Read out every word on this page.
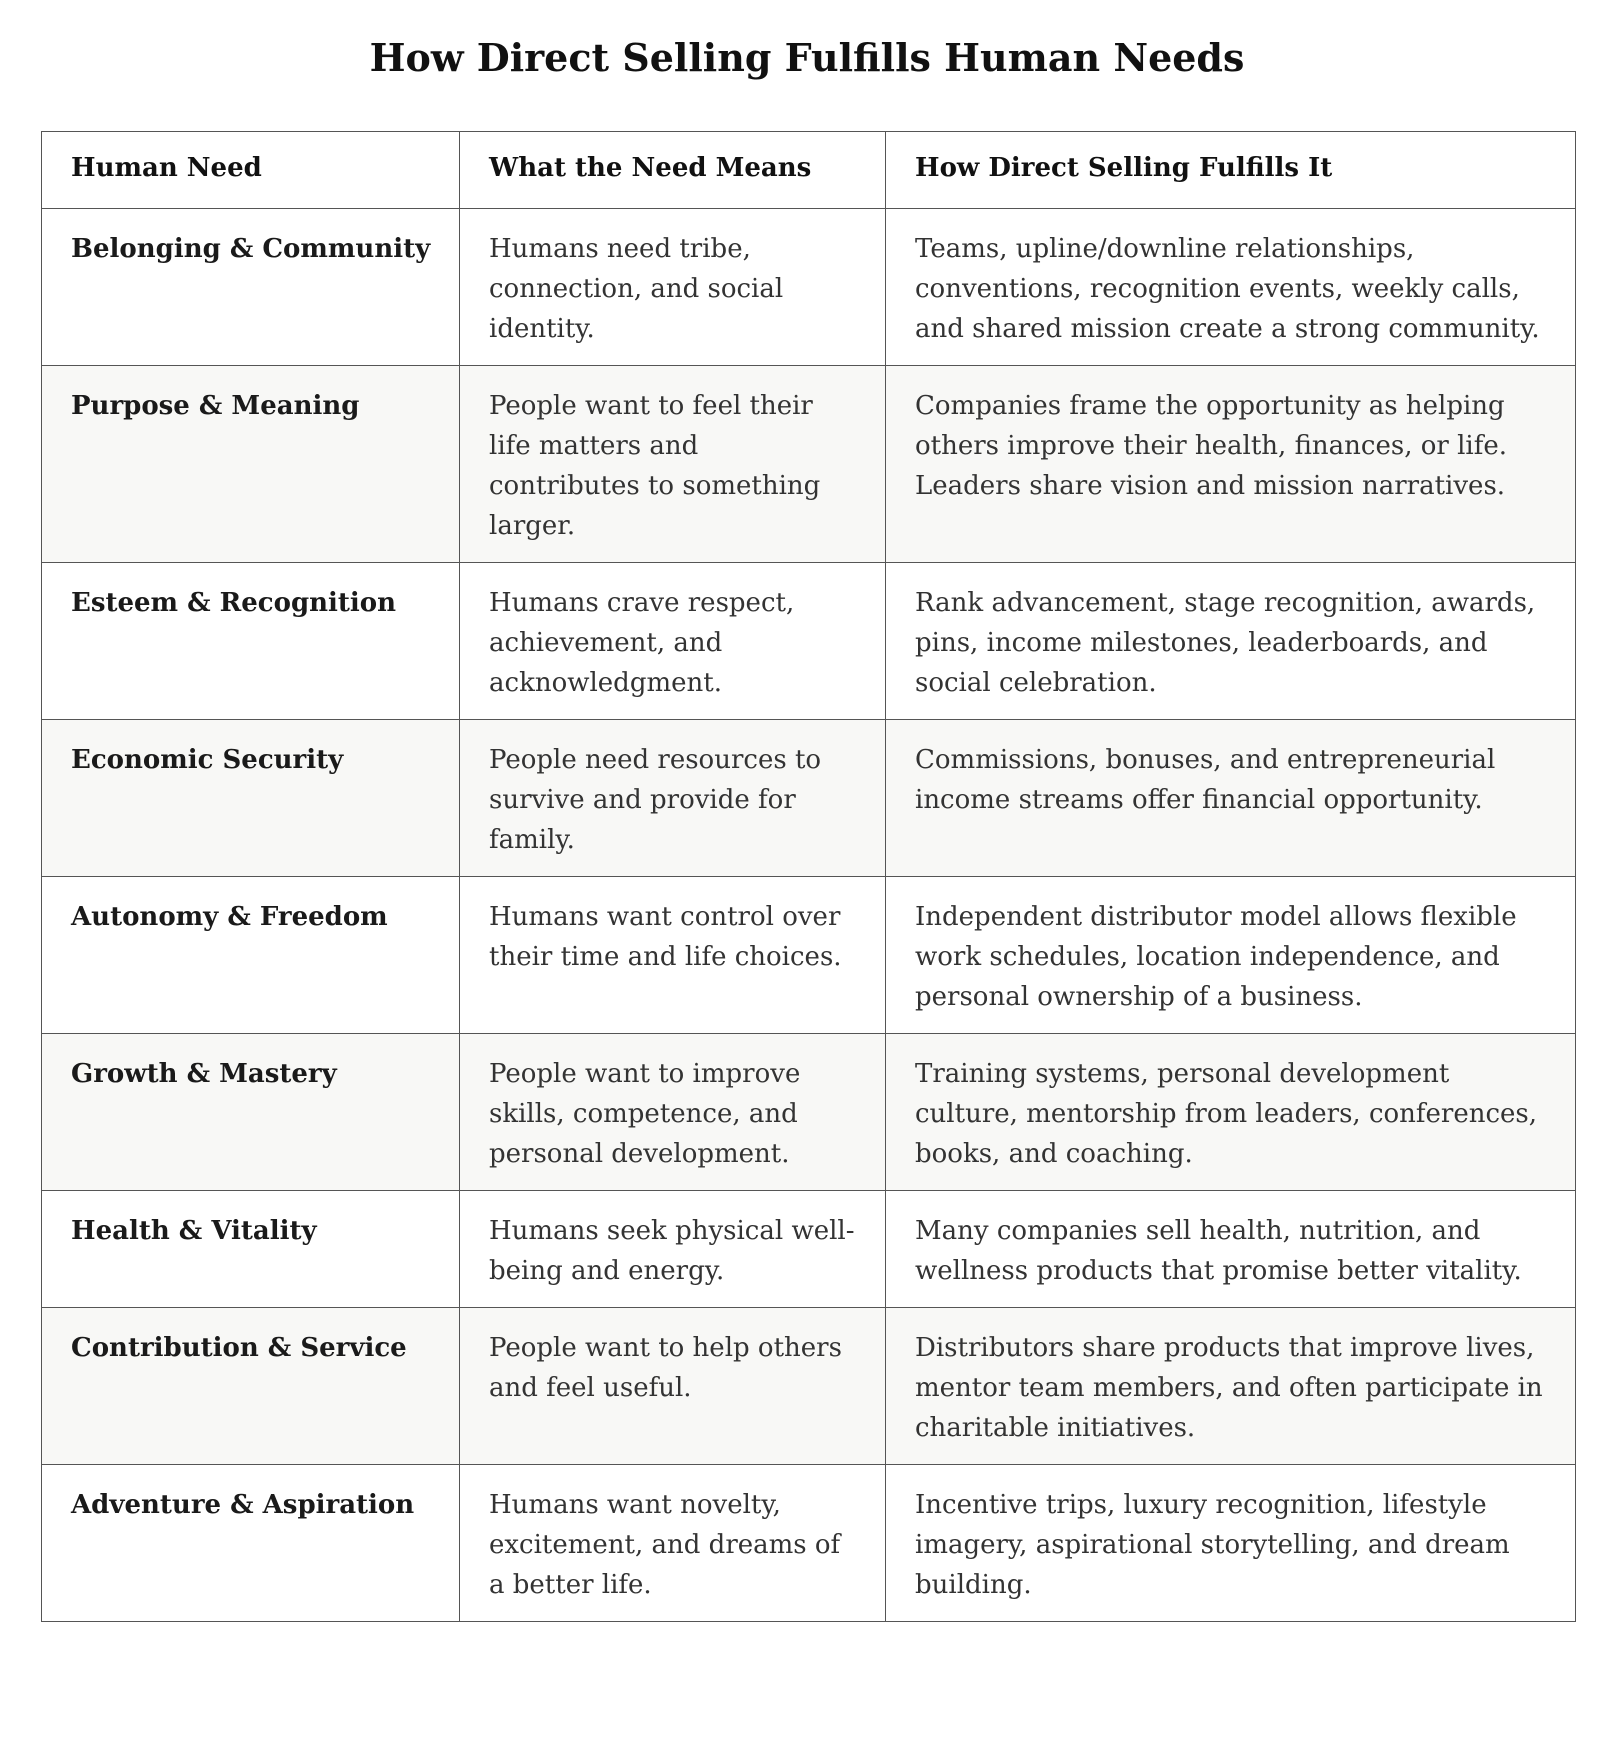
How Direct Selling Fulfills Human Needs
Human Need	What the Need Means	How Direct Selling Fulfills It
Belonging & Community	Humans need tribe, connection, and social identity.	Teams, upline/downline relationships, conventions, recognition events, weekly calls, and shared mission create a strong community.
Purpose & Meaning	People want to feel their life matters and contributes to something larger.	Companies frame the opportunity as helping others improve their health, finances, or life. Leaders share vision and mission narratives.
Esteem & Recognition	Humans crave respect, achievement, and acknowledgment.	Rank advancement, stage recognition, awards, pins, income milestones, leaderboards, and social celebration.
Economic Security	People need resources to survive and provide for family.	Commissions, bonuses, and entrepreneurial income streams offer financial opportunity.
Autonomy & Freedom	Humans want control over their time and life choices.	Independent distributor model allows flexible work schedules, location independence, and personal ownership of a business.
Growth & Mastery	People want to improve skills, competence, and personal development.	Training systems, personal development culture, mentorship from leaders, conferences, books, and coaching.
Health & Vitality	Humans seek physical well-being and energy.	Many companies sell health, nutrition, and wellness products that promise better vitality.
Contribution & Service	People want to help others and feel useful.	Distributors share products that improve lives, mentor team members, and often participate in charitable initiatives.
Adventure & Aspiration	Humans want novelty, excitement, and dreams of a better life.	Incentive trips, luxury recognition, lifestyle imagery, aspirational storytelling, and dream building.
